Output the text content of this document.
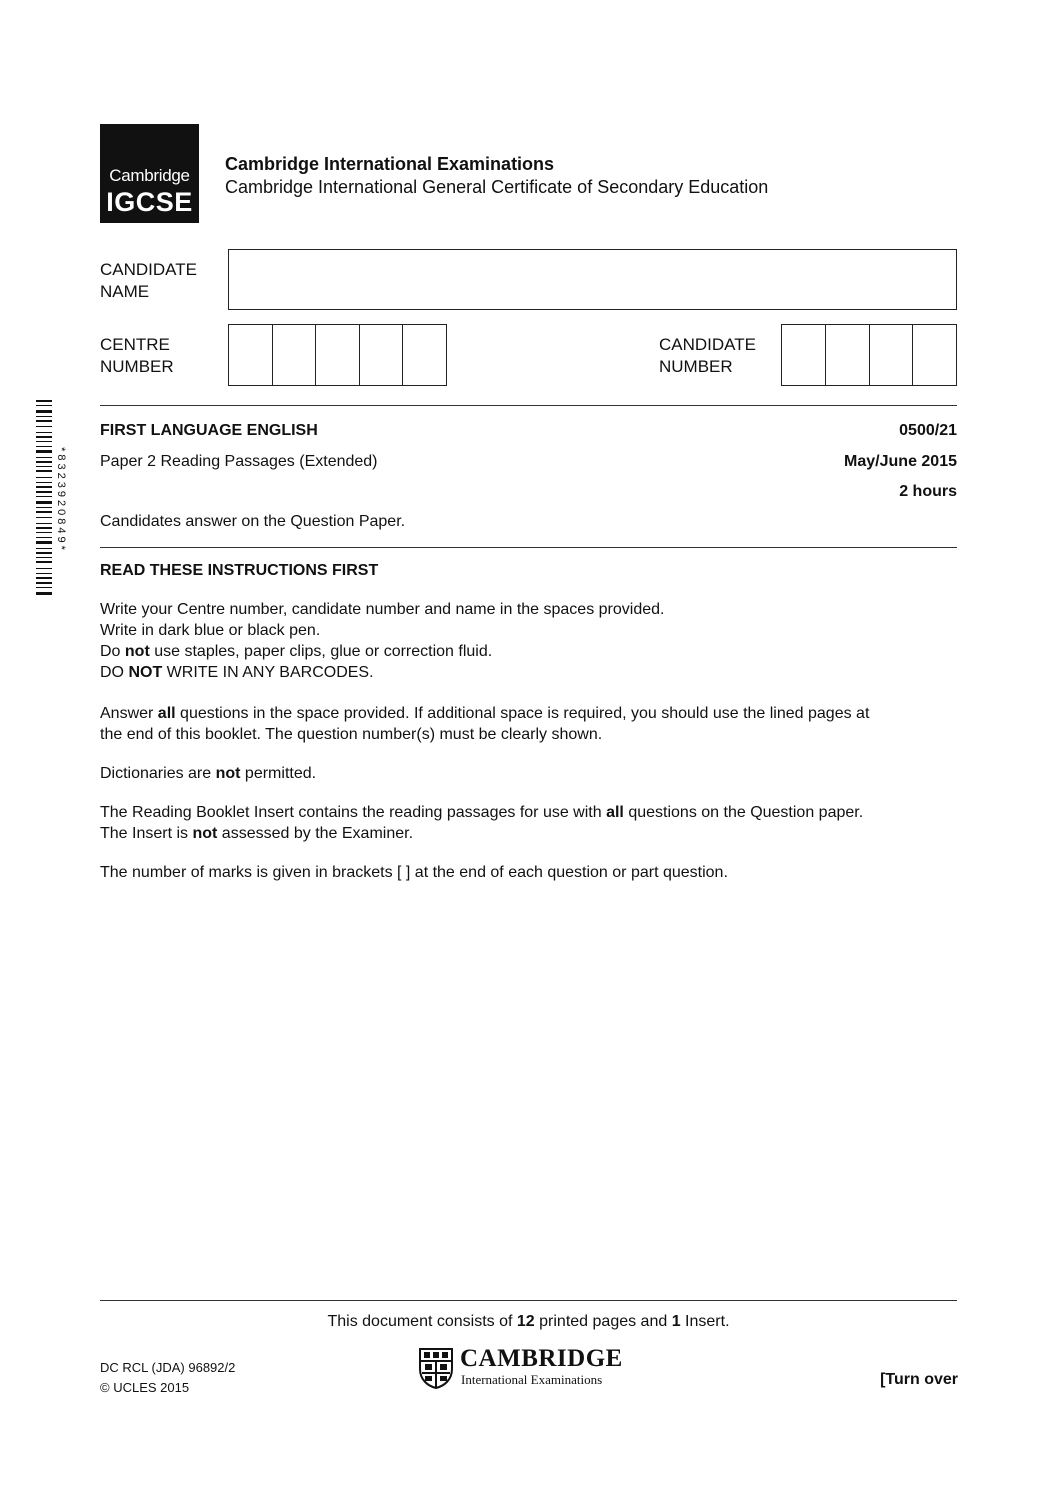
Cambridge
IGCSE
Cambridge International Examinations
Cambridge International General Certificate of Secondary Education
CANDIDATE
NAME
CENTRE
NUMBER
CANDIDATE
NUMBER
*8323920849*
FIRST LANGUAGE ENGLISH	0500/21
Paper 2 Reading Passages (Extended)	May/June 2015
2 hours
Candidates answer on the Question Paper.
READ THESE INSTRUCTIONS FIRST
Write your Centre number, candidate number and name in the spaces provided.
Write in dark blue or black pen.
Do not use staples, paper clips, glue or correction fluid.
DO NOT WRITE IN ANY BARCODES.
Answer all questions in the space provided. If additional space is required, you should use the lined pages at
the end of this booklet. The question number(s) must be clearly shown.
Dictionaries are not permitted.
The Reading Booklet Insert contains the reading passages for use with all questions on the Question paper.
The Insert is not assessed by the Examiner.
The number of marks is given in brackets [ ] at the end of each question or part question.
This document consists of 12 printed pages and 1 Insert.
DC RCL (JDA) 96892/2
© UCLES 2015
CAMBRIDGE
International Examinations	[Turn over
